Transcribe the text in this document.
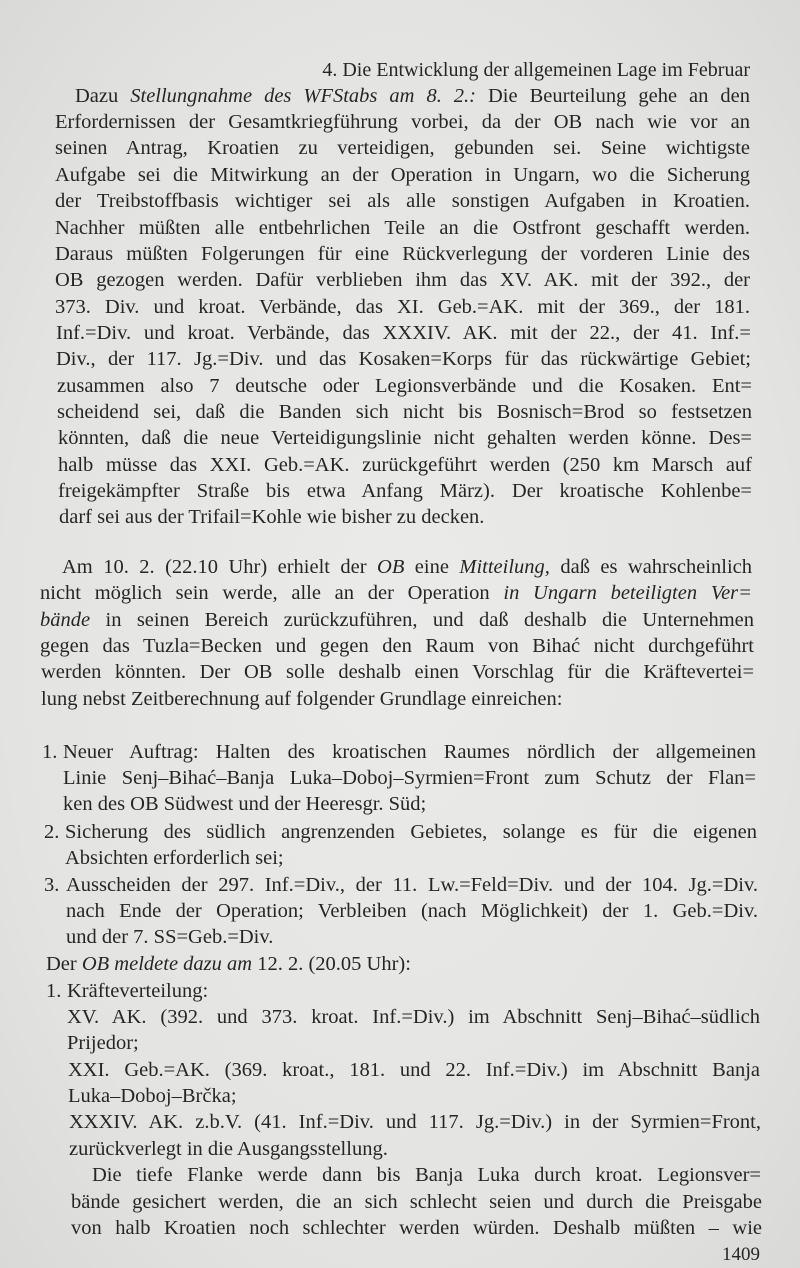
4. Die Entwicklung der allgemeinen Lage im Februar
Dazu Stellungnahme des WFStabs am 8. 2.: Die Beurteilung gehe an den
Erfordernissen der Gesamtkriegführung vorbei, da der OB nach wie vor an
seinen Antrag, Kroatien zu verteidigen, gebunden sei. Seine wichtigste
Aufgabe sei die Mitwirkung an der Operation in Ungarn, wo die Sicherung
der Treibstoffbasis wichtiger sei als alle sonstigen Aufgaben in Kroatien.
Nachher müßten alle entbehrlichen Teile an die Ostfront geschafft werden.
Daraus müßten Folgerungen für eine Rückverlegung der vorderen Linie des
OB gezogen werden. Dafür verblieben ihm das XV. AK. mit der 392., der
373. Div. und kroat. Verbände, das XI. Geb.=AK. mit der 369., der 181.
Inf.=Div. und kroat. Verbände, das XXXIV. AK. mit der 22., der 41. Inf.=
Div., der 117. Jg.=Div. und das Kosaken=Korps für das rückwärtige Gebiet;
zusammen also 7 deutsche oder Legionsverbände und die Kosaken. Ent=
scheidend sei, daß die Banden sich nicht bis Bosnisch=Brod so festsetzen
könnten, daß die neue Verteidigungslinie nicht gehalten werden könne. Des=
halb müsse das XXI. Geb.=AK. zurückgeführt werden (250 km Marsch auf
freigekämpfter Straße bis etwa Anfang März). Der kroatische Kohlenbe=
darf sei aus der Trifail=Kohle wie bisher zu decken.
Am 10. 2. (22.10 Uhr) erhielt der OB eine Mitteilung, daß es wahrscheinlich
nicht möglich sein werde, alle an der Operation in Ungarn beteiligten Ver=
bände in seinen Bereich zurückzuführen, und daß deshalb die Unternehmen
gegen das Tuzla=Becken und gegen den Raum von Bihać nicht durchgeführt
werden könnten. Der OB solle deshalb einen Vorschlag für die Kräftevertei=
lung nebst Zeitberechnung auf folgender Grundlage einreichen:
1. Neuer Auftrag: Halten des kroatischen Raumes nördlich der allgemeinen
Linie Senj–Bihać–Banja Luka–Doboj–Syrmien=Front zum Schutz der Flan=
ken des OB Südwest und der Heeresgr. Süd;
2. Sicherung des südlich angrenzenden Gebietes, solange es für die eigenen
Absichten erforderlich sei;
3. Ausscheiden der 297. Inf.=Div., der 11. Lw.=Feld=Div. und der 104. Jg.=Div.
nach Ende der Operation; Verbleiben (nach Möglichkeit) der 1. Geb.=Div.
und der 7. SS=Geb.=Div.
Der OB meldete dazu am 12. 2. (20.05 Uhr):
1. Kräfteverteilung:
XV. AK. (392. und 373. kroat. Inf.=Div.) im Abschnitt Senj–Bihać–südlich
Prijedor;
XXI. Geb.=AK. (369. kroat., 181. und 22. Inf.=Div.) im Abschnitt Banja
Luka–Doboj–Brčka;
XXXIV. AK. z.b.V. (41. Inf.=Div. und 117. Jg.=Div.) in der Syrmien=Front,
zurückverlegt in die Ausgangsstellung.
Die tiefe Flanke werde dann bis Banja Luka durch kroat. Legionsver=
bände gesichert werden, die an sich schlecht seien und durch die Preisgabe
von halb Kroatien noch schlechter werden würden. Deshalb müßten – wie
1409
